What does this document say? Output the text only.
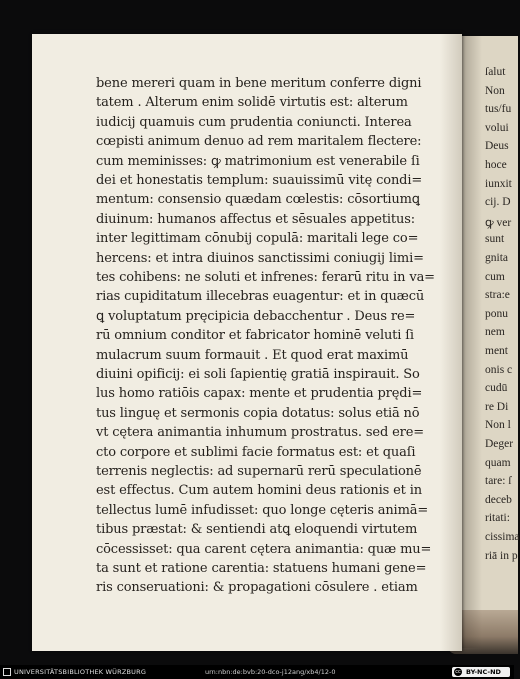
ſalut
Non
tus/fu
volui
Deus
hoce
iunxit
cij. D
ꝙ ver
sunt
gnita
cum
stra:e
ponu
nem
ment
onis c
cudū
re Di
Non l
Deger
quam
tare: ſ
deceb
ritati:
cissima
riā in p
bene mereri quam in bene meritum conferre digni
tatem . Alterum enim solidē virtutis est: alterum
iudicij quamuis cum prudentia coniuncti. Interea
cœpisti animum denuo ad rem maritalem flectere:
cum meminisses: ꝙ matrimonium est venerabile ſi
dei et honestatis templum: suauissimū vitę condi=
mentum: consensio quædam cœlestis: cōsortiumꝗ
diuinum: humanos affectus et sēsuales appetitus:
inter legittimam cōnubij copulā: maritali lege co=
hercens: et intra diuinos sanctissimi coniugij limi=
tes cohibens: ne soluti et infrenes: ferarū ritu in va=
rias cupiditatum illecebras euagentur: et in quæcū
ꝗ voluptatum pręcipicia debacchentur . Deus re=
rū omnium conditor et fabricator hominē veluti ſi
mulacrum suum formauit . Et quod erat maximū
diuini opificij: ei soli ſapientię gratiā inspirauit. So
lus homo ratiōis capax: mente et prudentia prędi=
tus linguę et sermonis copia dotatus: solus etiā nō
vt cętera animantia inhumum prostratus. sed ere=
cto corpore et sublimi facie formatus est: et quaſi
terrenis neglectis: ad supernarū rerū speculationē
est effectus. Cum autem homini deus rationis et in
tellectus lumē infudisset: quo longe cęteris animā=
tibus præstat: & sentiendi atꝗ eloquendi virtutem
cōcessisset: qua carent cętera animantia: quæ mu=
ta sunt et ratione carentia: statuens humani gene=
ris conseruationi: & propagationi cōsulere . etiam
UNIVERSITÄTSBIBLIOTHEK WÜRZBURG	urn:nbn:de:bvb:20-dco-j12ang/xb4/12-0	cc BY-NC-ND
